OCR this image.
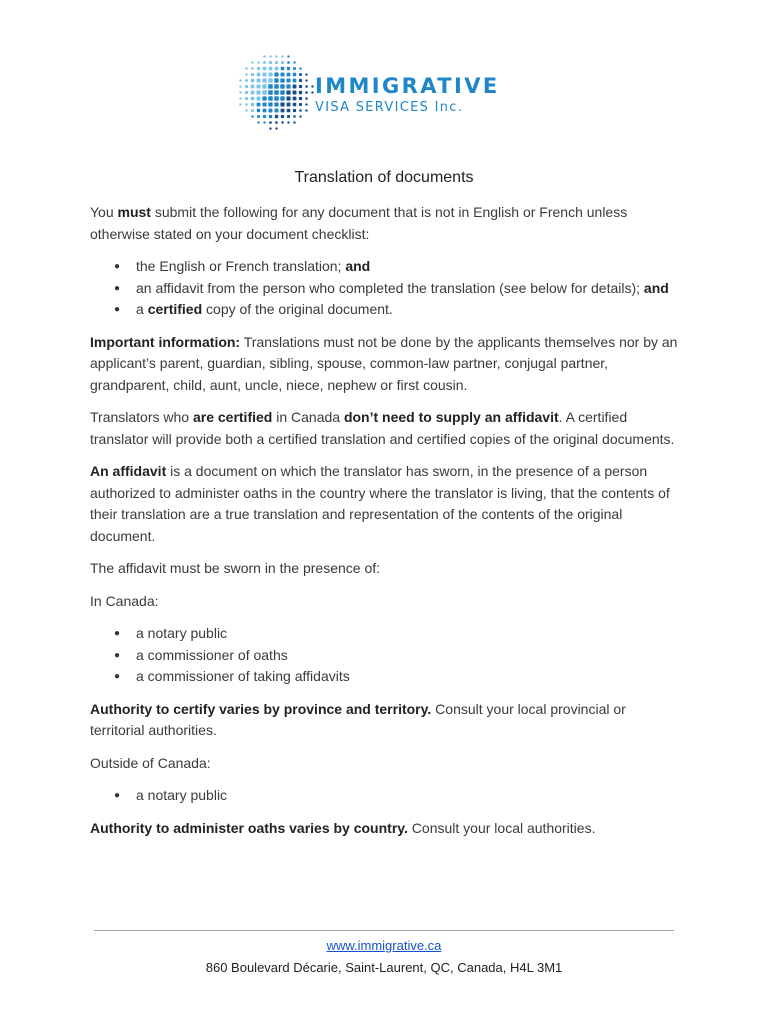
IMMIGRATIVE
VISA SERVICES Inc.
Translation of documents

You must submit the following for any document that is not in English or French unless otherwise stated on your document checklist:

● the English or French translation; and
● an affidavit from the person who completed the translation (see below for details); and
● a certified copy of the original document.

Important information: Translations must not be done by the applicants themselves nor by an applicant’s parent, guardian, sibling, spouse, common-law partner, conjugal partner, grandparent, child, aunt, uncle, niece, nephew or first cousin.

Translators who are certified in Canada don’t need to supply an affidavit. A certified translator will provide both a certified translation and certified copies of the original documents.

An affidavit is a document on which the translator has sworn, in the presence of a person authorized to administer oaths in the country where the translator is living, that the contents of their translation are a true translation and representation of the contents of the original document.

The affidavit must be sworn in the presence of:

In Canada:

● a notary public
● a commissioner of oaths
● a commissioner of taking affidavits

Authority to certify varies by province and territory. Consult your local provincial or territorial authorities.

Outside of Canada:

● a notary public

Authority to administer oaths varies by country. Consult your local authorities.

www.immigrative.ca
860 Boulevard Décarie, Saint-Laurent, QC, Canada, H4L 3M1
